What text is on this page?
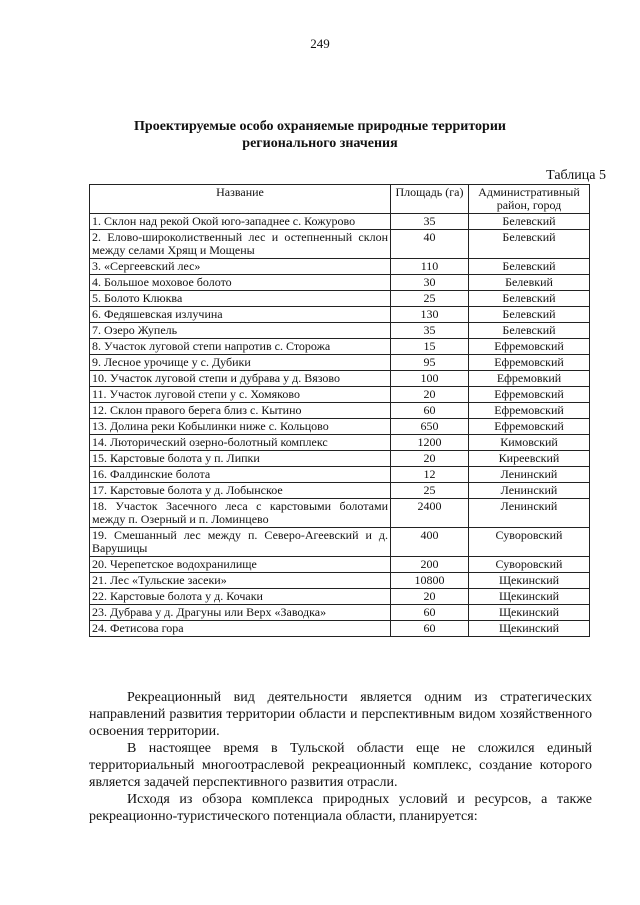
249
Проектируемые особо охраняемые природные территории
регионального значения
Таблица 5
Название	Площадь (га)	Административный район, город
1. Склон над рекой Окой юго-западнее с. Кожурово	35	Белевский
2. Елово-широколиственный лес и остепненный склон между селами Хрящ и Мощены	40	Белевский
3. «Сергеевский лес»	110	Белевский
4. Большое моховое болото	30	Белевкий
5. Болото Клюква	25	Белевский
6. Федяшевская излучина	130	Белевский
7. Озеро Жупель	35	Белевский
8. Участок луговой степи напротив с. Сторожа	15	Ефремовский
9. Лесное урочище у с. Дубики	95	Ефремовский
10. Участок луговой степи и дубрава у д. Вязово	100	Ефремовкий
11. Участок луговой степи у с. Хомяково	20	Ефремовский
12. Склон правого берега близ с. Кытино	60	Ефремовский
13. Долина реки Кобылинки ниже с. Кольцово	650	Ефремовский
14. Люторический озерно-болотный комплекс	1200	Кимовский
15. Карстовые болота у п. Липки	20	Киреевский
16. Фалдинские болота	12	Ленинский
17. Карстовые болота у д. Лобынское	25	Ленинский
18. Участок Засечного леса с карстовыми болотами между п. Озерный и п. Ломинцево	2400	Ленинский
19. Смешанный лес между п. Северо-Агеевский и д. Варушицы	400	Суворовский
20. Черепетское водохранилище	200	Суворовский
21. Лес «Тульские засеки»	10800	Щекинский
22. Карстовые болота у д. Кочаки	20	Щекинский
23. Дубрава у д. Драгуны или Верх «Заводка»	60	Щекинский
24. Фетисова гора	60	Щекинский

Рекреационный вид деятельности является одним из стратегических направлений развития территории области и перспективным видом хозяйственного освоения территории.

В настоящее время в Тульской области еще не сложился единый территориальный многоотраслевой рекреационный комплекс, создание которого является задачей перспективного развития отрасли.

Исходя из обзора комплекса природных условий и ресурсов, а также рекреационно-туристического потенциала области, планируется:
